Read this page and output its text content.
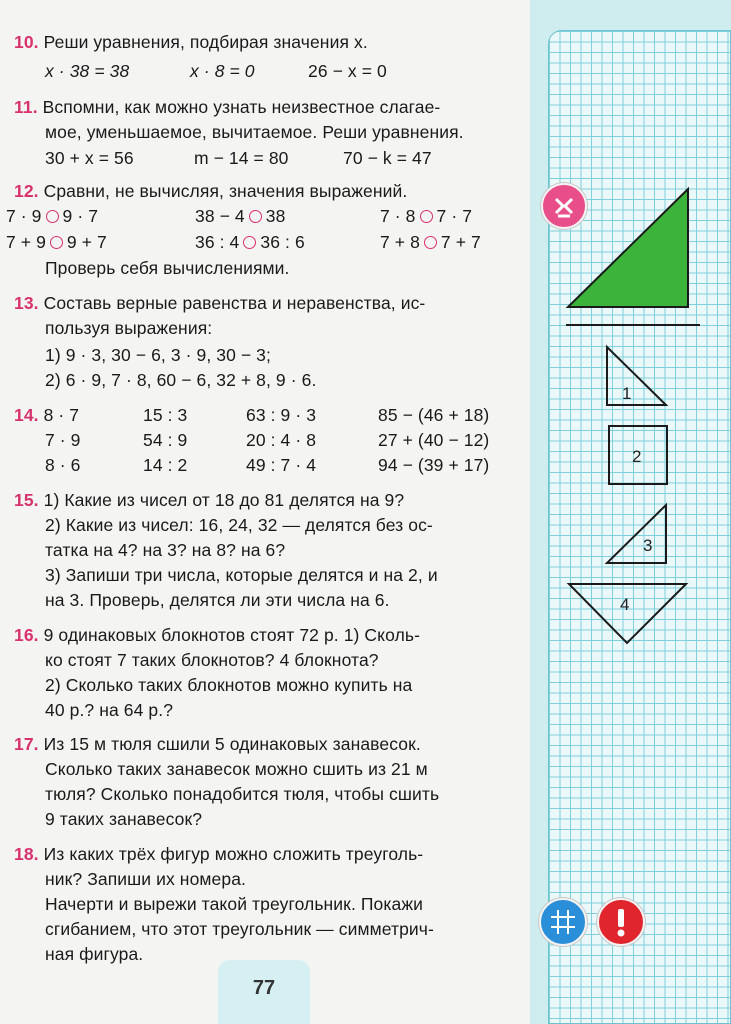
1
2
3
4
10. Реши уравнения, подбирая значения x.
x · 38 = 38	x · 8 = 0	26 − x = 0
11. Вспомни, как можно узнать неизвестное слагае-
мое, уменьшаемое, вычитаемое. Реши уравнения.
30 + x = 56	m − 14 = 80	70 − k = 47
12. Сравни, не вычисляя, значения выражений.
7 · 9 9 · 7	38 − 4 38	7 · 8 7 · 7
7 + 9 9 + 7	36 : 4 36 : 6	7 + 8 7 + 7
Проверь себя вычислениями.
13. Составь верные равенства и неравенства, ис-
пользуя выражения:
1) 9 · 3, 30 − 6, 3 · 9, 30 − 3;
2) 6 · 9, 7 · 8, 60 − 6, 32 + 8, 9 · 6.
14. 8 · 7	15 : 3	63 : 9 · 3	85 − (46 + 18)
7 · 9	54 : 9	20 : 4 · 8	27 + (40 − 12)
8 · 6	14 : 2	49 : 7 · 4	94 − (39 + 17)
15. 1) Какие из чисел от 18 до 81 делятся на 9?
2) Какие из чисел: 16, 24, 32 — делятся без ос-
татка на 4? на 3? на 8? на 6?
3) Запиши три числа, которые делятся и на 2, и
на 3. Проверь, делятся ли эти числа на 6.
16. 9 одинаковых блокнотов стоят 72 р. 1) Сколь-
ко стоят 7 таких блокнотов? 4 блокнота?
2) Сколько таких блокнотов можно купить на
40 р.? на 64 р.?
17. Из 15 м тюля сшили 5 одинаковых занавесок.
Сколько таких занавесок можно сшить из 21 м
тюля? Сколько понадобится тюля, чтобы сшить
9 таких занавесок?
18. Из каких трёх фигур можно сложить треуголь-
ник? Запиши их номера.
Начерти и вырежи такой треугольник. Покажи
сгибанием, что этот треугольник — симметрич-
ная фигура.
77
